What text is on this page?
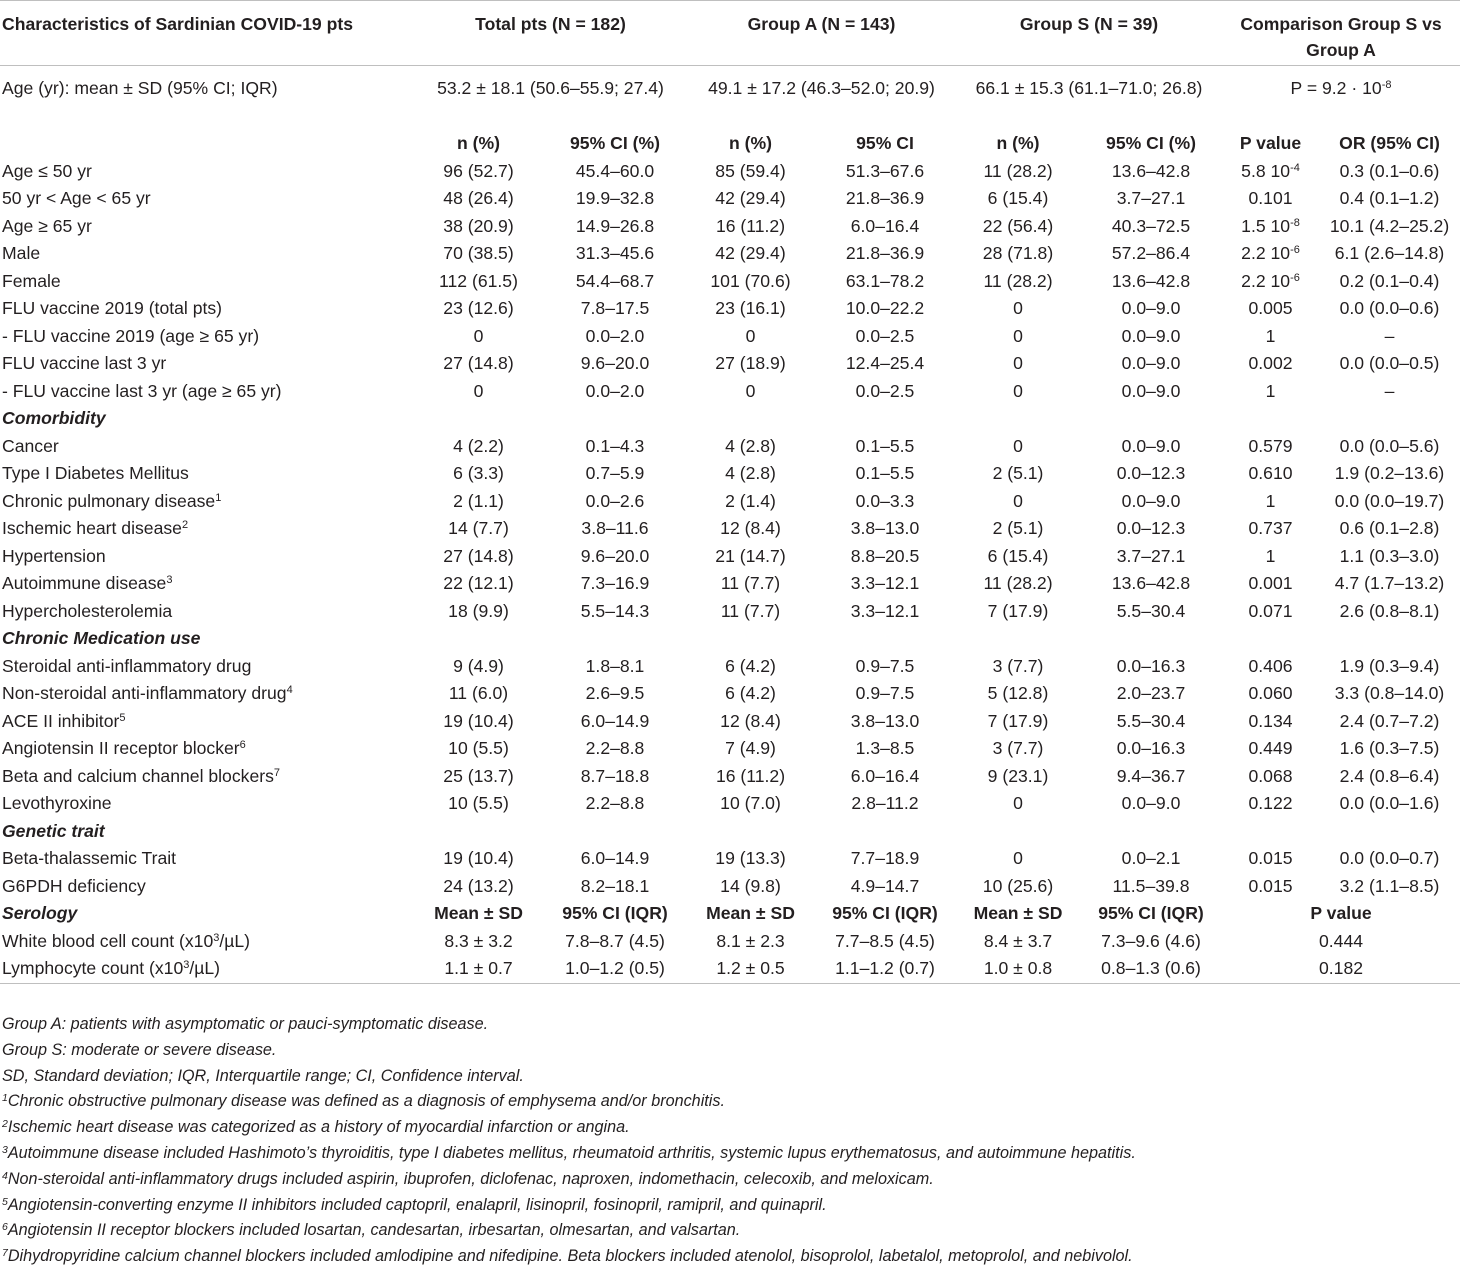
Characteristics of Sardinian COVID-19 pts	Total pts (N = 182)		Group A (N = 143)		Group S (N = 39)		Comparison Group S vs Group A	
Age (yr): mean ± SD (95% CI; IQR)	53.2 ± 18.1 (50.6–55.9; 27.4)		49.1 ± 17.2 (46.3–52.0; 20.9)		66.1 ± 15.3 (61.1–71.0; 26.8)		$P = 9.2 \cdot 10^{-8}$
	n (%)	95% CI (%)	n (%)	95% CI	n (%)	95% CI (%)	P value	OR (95% CI)
Age ≤ 50 yr	96 (52.7)	45.4–60.0	85 (59.4)	51.3–67.6	11 (28.2)	13.6–42.8	5.8 $10^{-4}$	0.3 (0.1–0.6)
50 yr < Age < 65 yr	48 (26.4)	19.9–32.8	42 (29.4)	21.8–36.9	6 (15.4)	3.7–27.1	0.101	0.4 (0.1–1.2)
Age ≥ 65 yr	38 (20.9)	14.9–26.8	16 (11.2)	6.0–16.4	22 (56.4)	40.3–72.5	1.5 $10^{-8}$	10.1 (4.2–25.2)
Male	70 (38.5)	31.3–45.6	42 (29.4)	21.8–36.9	28 (71.8)	57.2–86.4	2.2 $10^{-6}$	6.1 (2.6–14.8)
Female	112 (61.5)	54.4–68.7	101 (70.6)	63.1–78.2	11 (28.2)	13.6–42.8	2.2 $10^{-6}$	0.2 (0.1–0.4)
FLU vaccine 2019 (total pts)	23 (12.6)	7.8–17.5	23 (16.1)	10.0–22.2	0	0.0–9.0	0.005	0.0 (0.0–0.6)
- FLU vaccine 2019 (age ≥ 65 yr)	0	0.0–2.0	0	0.0–2.5	0	0.0–9.0	1	–
FLU vaccine last 3 yr	27 (14.8)	9.6–20.0	27 (18.9)	12.4–25.4	0	0.0–9.0	0.002	0.0 (0.0–0.5)
- FLU vaccine last 3 yr (age ≥ 65 yr)	0	0.0–2.0	0	0.0–2.5	0	0.0–9.0	1	–
Comorbidity								
Cancer	4 (2.2)	0.1–4.3	4 (2.8)	0.1–5.5	0	0.0–9.0	0.579	0.0 (0.0–5.6)
Type I Diabetes Mellitus	6 (3.3)	0.7–5.9	4 (2.8)	0.1–5.5	2 (5.1)	0.0–12.3	0.610	1.9 (0.2–13.6)
Chronic pulmonary disease$^1$	2 (1.1)	0.0–2.6	2 (1.4)	0.0–3.3	0	0.0–9.0	1	0.0 (0.0–19.7)
Ischemic heart disease$^2$	14 (7.7)	3.8–11.6	12 (8.4)	3.8–13.0	2 (5.1)	0.0–12.3	0.737	0.6 (0.1–2.8)
Hypertension	27 (14.8)	9.6–20.0	21 (14.7)	8.8–20.5	6 (15.4)	3.7–27.1	1	1.1 (0.3–3.0)
Autoimmune disease$^3$	22 (12.1)	7.3–16.9	11 (7.7)	3.3–12.1	11 (28.2)	13.6–42.8	0.001	4.7 (1.7–13.2)
Hypercholesterolemia	18 (9.9)	5.5–14.3	11 (7.7)	3.3–12.1	7 (17.9)	5.5–30.4	0.071	2.6 (0.8–8.1)
Chronic Medication use								
Steroidal anti-inflammatory drug	9 (4.9)	1.8–8.1	6 (4.2)	0.9–7.5	3 (7.7)	0.0–16.3	0.406	1.9 (0.3–9.4)
Non-steroidal anti-inflammatory drug$^4$	11 (6.0)	2.6–9.5	6 (4.2)	0.9–7.5	5 (12.8)	2.0–23.7	0.060	3.3 (0.8–14.0)
ACE II inhibitor$^5$	19 (10.4)	6.0–14.9	12 (8.4)	3.8–13.0	7 (17.9)	5.5–30.4	0.134	2.4 (0.7–7.2)
Angiotensin II receptor blocker$^6$	10 (5.5)	2.2–8.8	7 (4.9)	1.3–8.5	3 (7.7)	0.0–16.3	0.449	1.6 (0.3–7.5)
Beta and calcium channel blockers$^7$	25 (13.7)	8.7–18.8	16 (11.2)	6.0–16.4	9 (23.1)	9.4–36.7	0.068	2.4 (0.8–6.4)
Levothyroxine	10 (5.5)	2.2–8.8	10 (7.0)	2.8–11.2	0	0.0–9.0	0.122	0.0 (0.0–1.6)
Genetic trait								
Beta-thalassemic Trait	19 (10.4)	6.0–14.9	19 (13.3)	7.7–18.9	0	0.0–2.1	0.015	0.0 (0.0–0.7)
G6PDH deficiency	24 (13.2)	8.2–18.1	14 (9.8)	4.9–14.7	10 (25.6)	11.5–39.8	0.015	3.2 (1.1–8.5)
Serology	Mean ± SD	95% CI (IQR)	Mean ± SD	95% CI (IQR)	Mean ± SD	95% CI (IQR)	P value	
White blood cell count $(x10^3/\mu L)$	8.3 ± 3.2	7.8–8.7 (4.5)	8.1 ± 2.3	7.7–8.5 (4.5)	8.4 ± 3.7	7.3–9.6 (4.6)	0.444	
Lymphocyte count $(x10^3/\mu L)$	1.1 ± 0.7	1.0–1.2 (0.5)	1.2 ± 0.5	1.1–1.2 (0.7)	1.0 ± 0.8	0.8–1.3 (0.6)	0.182	
Group A: patients with asymptomatic or pauci-symptomatic disease.
Group S: moderate or severe disease.
SD, Standard deviation; IQR, Interquartile range; CI, Confidence interval.
$^1$Chronic obstructive pulmonary disease was defined as a diagnosis of emphysema and/or bronchitis.
$^2$Ischemic heart disease was categorized as a history of myocardial infarction or angina.
$^3$Autoimmune disease included Hashimoto’s thyroiditis, type I diabetes mellitus, rheumatoid arthritis, systemic lupus erythematosus, and autoimmune hepatitis.
$^4$Non-steroidal anti-inflammatory drugs included aspirin, ibuprofen, diclofenac, naproxen, indomethacin, celecoxib, and meloxicam.
$^5$Angiotensin-converting enzyme II inhibitors included captopril, enalapril, lisinopril, fosinopril, ramipril, and quinapril.
$^6$Angiotensin II receptor blockers included losartan, candesartan, irbesartan, olmesartan, and valsartan.
$^7$Dihydropyridine calcium channel blockers included amlodipine and nifedipine. Beta blockers included atenolol, bisoprolol, labetalol, metoprolol, and nebivolol.
